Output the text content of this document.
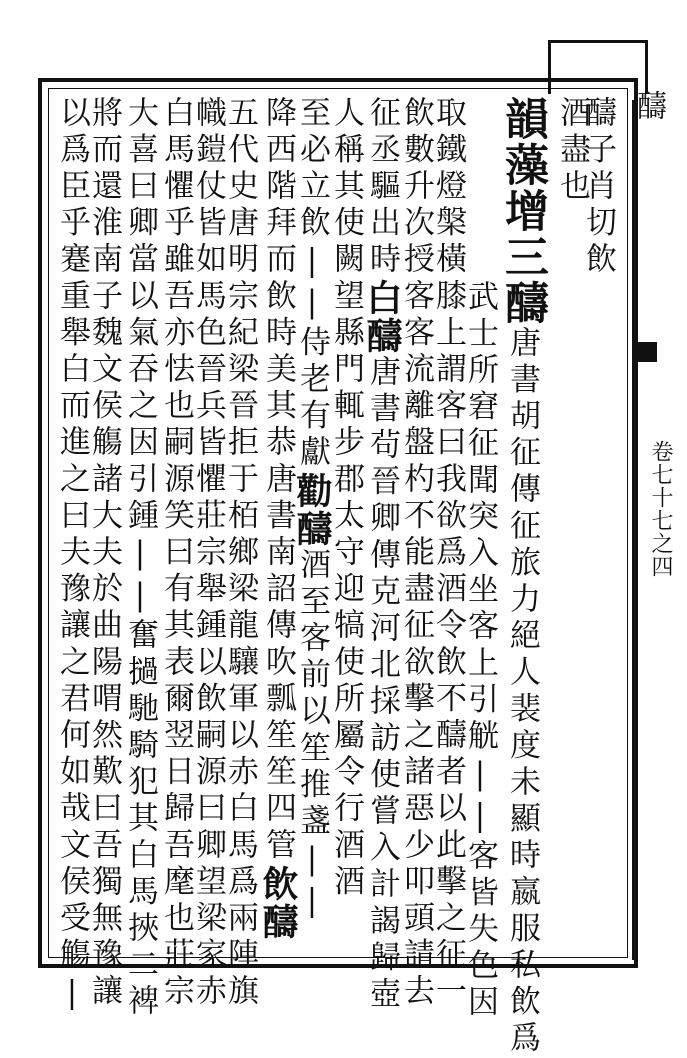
醻
卷七十七之四
醻子肖切飲
酒盡也
韻藻增三醻唐書胡征傳征旅力絕人裴度未顯時嬴服私飲爲
武士所窘征聞突入坐客上引觥||客皆失色因
取鐵燈槃橫膝上謂客曰我欲爲酒令飲不醻者以此擊之征一
飲數升次授客客流離盤杓不能盡征欲擊之諸惡少叩頭請去
征丞驅出時白醻唐書茍晉卿傳克河北採訪使嘗入計謁歸壺
人稱其使闕望縣門輒步郡太守迎犒使所屬令行酒酒
至必立飲||侍老有獻勸醻酒至客前以笙推盞||
降西階拜而飲時美其恭唐書南詔傳吹瓢笙笙四管飲醻
五代史唐明宗紀梁晉拒于栢鄉梁龍驤軍以赤白馬爲兩陣旗
幟鎧仗皆如馬色晉兵皆懼莊宗舉鍾以飲嗣源曰卿望梁家赤
白馬懼乎雖吾亦怯也嗣源笑曰有其表爾翌日歸吾麾也莊宗
大喜曰卿當以氣吞之因引鍾||奮撾馳騎犯其白馬挾二裨
將而還淮南子魏文侯觴諸大夫於曲陽喟然歎曰吾獨無豫讓
以爲臣乎蹇重舉白而進之曰夫豫讓之君何如哉文侯受觴|
